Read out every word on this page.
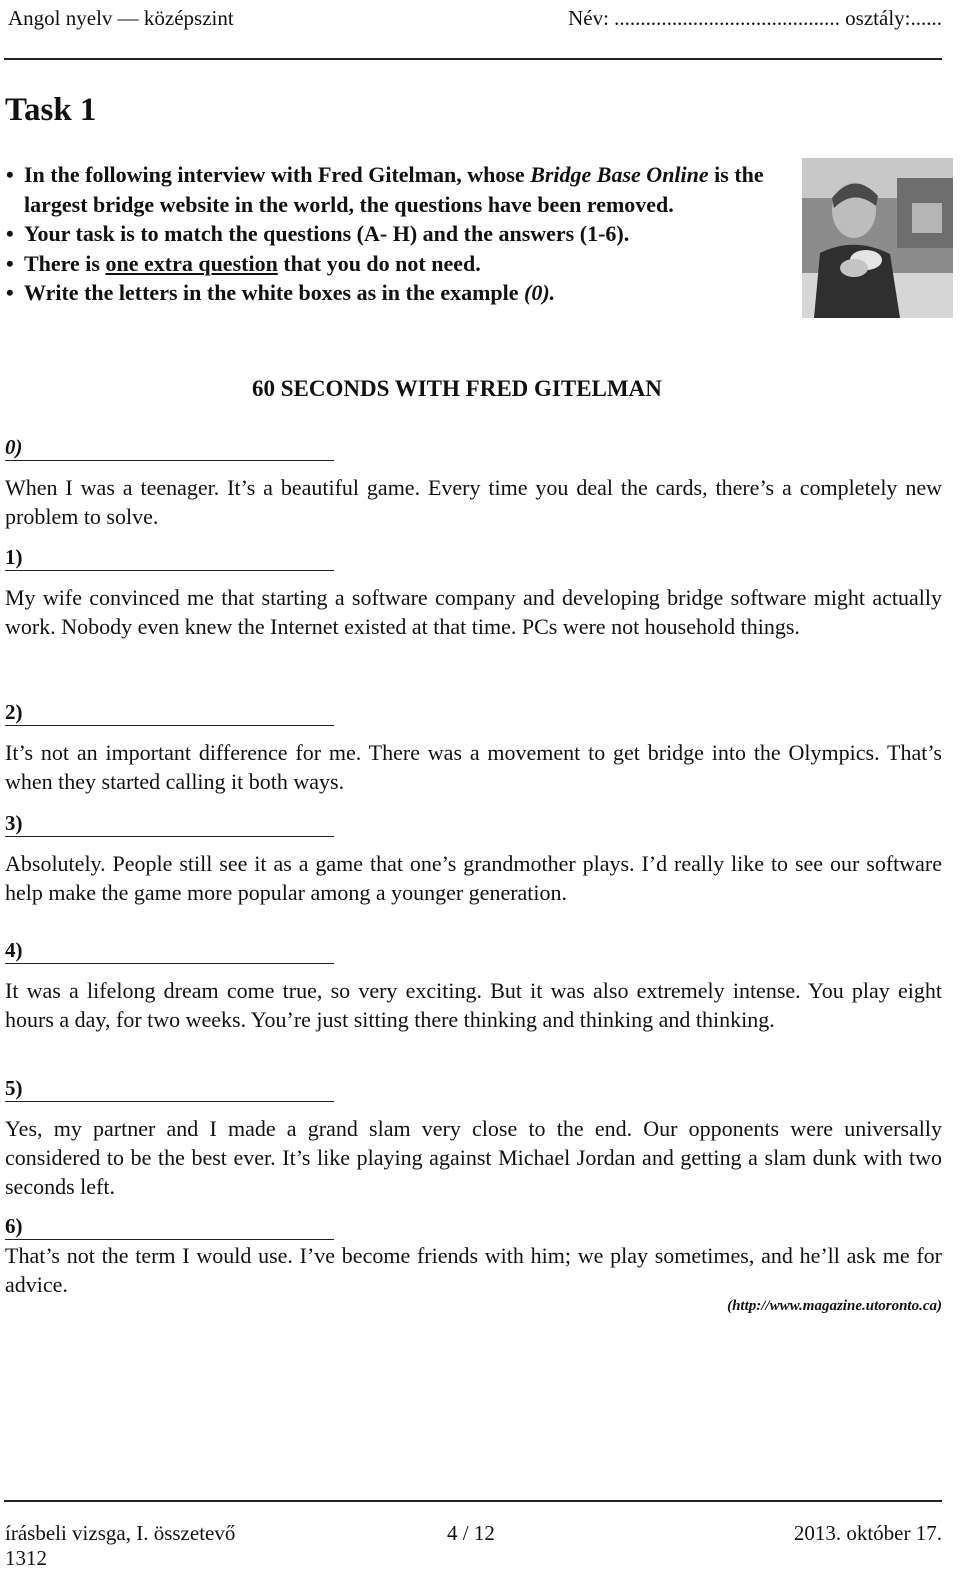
Angol nyelv — középszint	Név: ........................................... osztály:......
Task 1
• In the following interview with Fred Gitelman, whose Bridge Base Online is the largest bridge website in the world, the questions have been removed.
• Your task is to match the questions (A- H) and the answers (1-6).
• There is one extra question that you do not need.
• Write the letters in the white boxes as in the example (0).
60 SECONDS WITH FRED GITELMAN
0)

When I was a teenager. It’s a beautiful game. Every time you deal the cards, there’s a completely new problem to solve.

1)

My wife convinced me that starting a software company and developing bridge software might actually work. Nobody even knew the Internet existed at that time. PCs were not household things.

2)

It’s not an important difference for me. There was a movement to get bridge into the Olympics. That’s when they started calling it both ways.

3)

Absolutely. People still see it as a game that one’s grandmother plays. I’d really like to see our software help make the game more popular among a younger generation.

4)

It was a lifelong dream come true, so very exciting. But it was also extremely intense. You play eight hours a day, for two weeks. You’re just sitting there thinking and thinking and thinking.

5)

Yes, my partner and I made a grand slam very close to the end. Our opponents were universally considered to be the best ever. It’s like playing against Michael Jordan and getting a slam dunk with two seconds left.

6)

That’s not the term I would use. I’ve become friends with him; we play sometimes, and he’ll ask me for advice.

(http://www.magazine.utoronto.ca)
írásbeli vizsga, I. összetevő	4 / 12	2013. október 17.
1312
